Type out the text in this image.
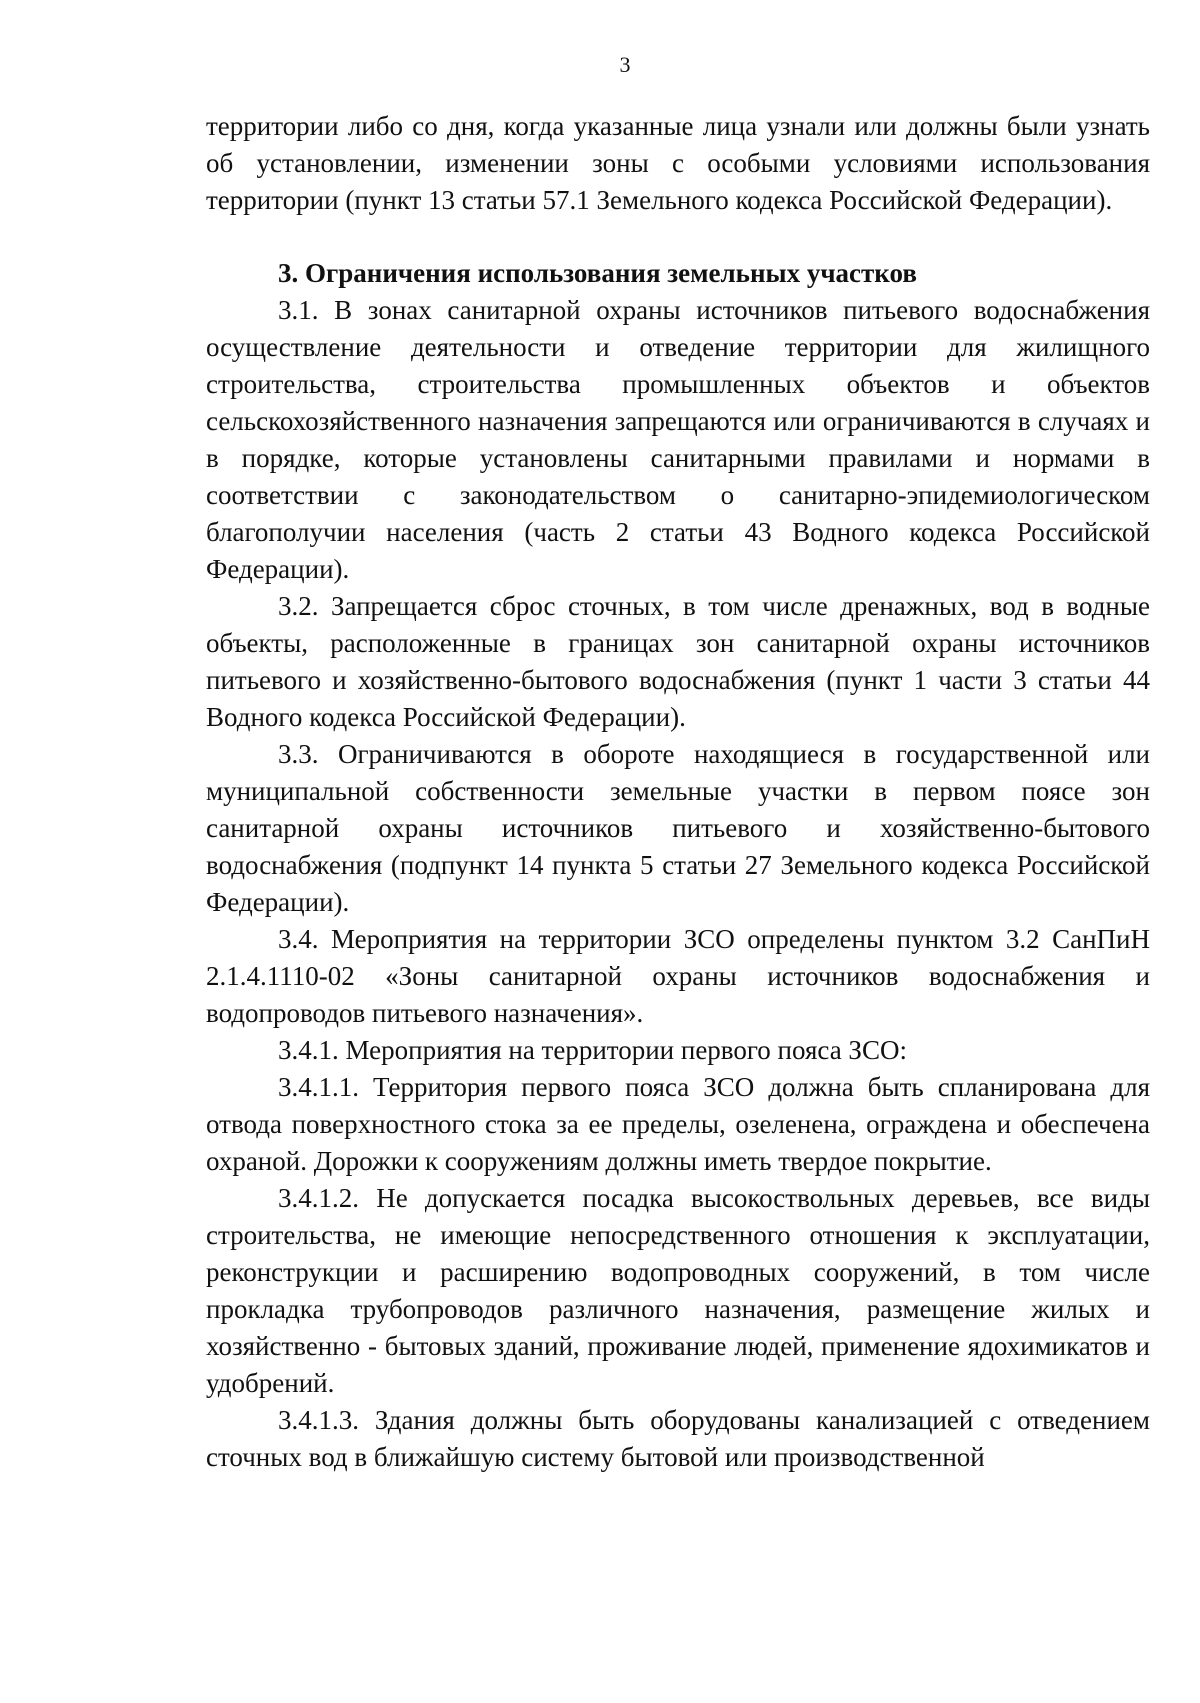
3

территории либо со дня, когда указанные лица узнали или должны были узнать об установлении, изменении зоны с особыми условиями использования территории (пункт 13 статьи 57.1 Земельного кодекса Российской Федерации).

3. Ограничения использования земельных участков

3.1. В зонах санитарной охраны источников питьевого водоснабжения осуществление деятельности и отведение территории для жилищного строительства, строительства промышленных объектов и объектов сельскохозяйственного назначения запрещаются или ограничиваются в случаях и в порядке, которые установлены санитарными правилами и нормами в соответствии с законодательством о санитарно-эпидемиологическом благополучии населения (часть 2 статьи 43 Водного кодекса Российской Федерации).

3.2. Запрещается сброс сточных, в том числе дренажных, вод в водные объекты, расположенные в границах зон санитарной охраны источников питьевого и хозяйственно-бытового водоснабжения (пункт 1 части 3 статьи 44 Водного кодекса Российской Федерации).

3.3. Ограничиваются в обороте находящиеся в государственной или муниципальной собственности земельные участки в первом поясе зон санитарной охраны источников питьевого и хозяйственно-бытового водоснабжения (подпункт 14 пункта 5 статьи 27 Земельного кодекса Российской Федерации).

3.4. Мероприятия на территории ЗСО определены пунктом 3.2 СанПиН 2.1.4.1110-02 «Зоны санитарной охраны источников водоснабжения и водопроводов питьевого назначения».

3.4.1. Мероприятия на территории первого пояса ЗСО:

3.4.1.1. Территория первого пояса ЗСО должна быть спланирована для отвода поверхностного стока за ее пределы, озеленена, ограждена и обеспечена охраной. Дорожки к сооружениям должны иметь твердое покрытие.

3.4.1.2. Не допускается посадка высокоствольных деревьев, все виды строительства, не имеющие непосредственного отношения к эксплуатации, реконструкции и расширению водопроводных сооружений, в том числе прокладка трубопроводов различного назначения, размещение жилых и хозяйственно - бытовых зданий, проживание людей, применение ядохимикатов и удобрений.

3.4.1.3. Здания должны быть оборудованы канализацией с отведением сточных вод в ближайшую систему бытовой или производственной
